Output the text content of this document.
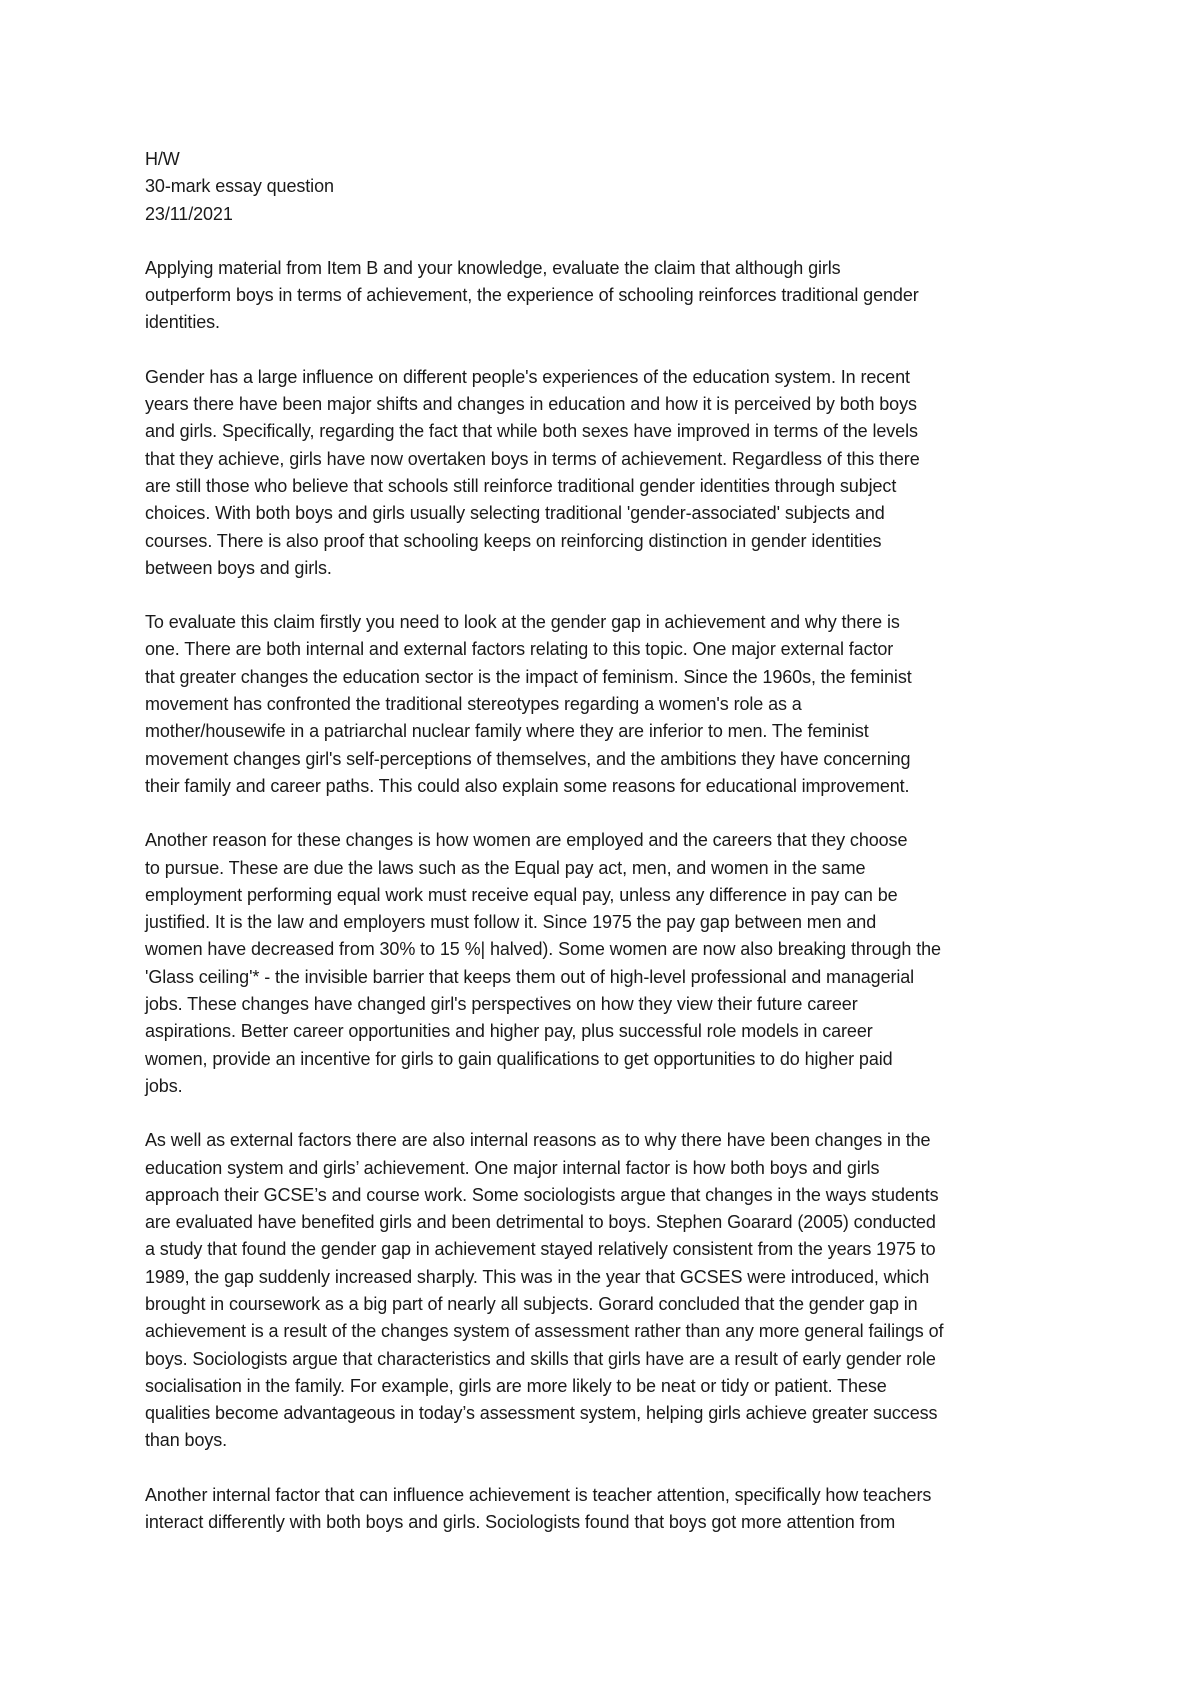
H/W
30-mark essay question
23/11/2021
Applying material from Item B and your knowledge, evaluate the claim that although girls
outperform boys in terms of achievement, the experience of schooling reinforces traditional gender
identities.
Gender has a large influence on different people's experiences of the education system. In recent
years there have been major shifts and changes in education and how it is perceived by both boys
and girls. Specifically, regarding the fact that while both sexes have improved in terms of the levels
that they achieve, girls have now overtaken boys in terms of achievement. Regardless of this there
are still those who believe that schools still reinforce traditional gender identities through subject
choices. With both boys and girls usually selecting traditional 'gender-associated' subjects and
courses. There is also proof that schooling keeps on reinforcing distinction in gender identities
between boys and girls.
To evaluate this claim firstly you need to look at the gender gap in achievement and why there is
one. There are both internal and external factors relating to this topic. One major external factor
that greater changes the education sector is the impact of feminism. Since the 1960s, the feminist
movement has confronted the traditional stereotypes regarding a women's role as a
mother/housewife in a patriarchal nuclear family where they are inferior to men. The feminist
movement changes girl's self-perceptions of themselves, and the ambitions they have concerning
their family and career paths. This could also explain some reasons for educational improvement.
Another reason for these changes is how women are employed and the careers that they choose
to pursue. These are due the laws such as the Equal pay act, men, and women in the same
employment performing equal work must receive equal pay, unless any difference in pay can be
justified. It is the law and employers must follow it. Since 1975 the pay gap between men and
women have decreased from 30% to 15 %| halved). Some women are now also breaking through the
'Glass ceiling'* - the invisible barrier that keeps them out of high-level professional and managerial
jobs. These changes have changed girl's perspectives on how they view their future career
aspirations. Better career opportunities and higher pay, plus successful role models in career
women, provide an incentive for girls to gain qualifications to get opportunities to do higher paid
jobs.
As well as external factors there are also internal reasons as to why there have been changes in the
education system and girls’ achievement. One major internal factor is how both boys and girls
approach their GCSE’s and course work. Some sociologists argue that changes in the ways students
are evaluated have benefited girls and been detrimental to boys. Stephen Goarard (2005) conducted
a study that found the gender gap in achievement stayed relatively consistent from the years 1975 to
1989, the gap suddenly increased sharply. This was in the year that GCSES were introduced, which
brought in coursework as a big part of nearly all subjects. Gorard concluded that the gender gap in
achievement is a result of the changes system of assessment rather than any more general failings of
boys. Sociologists argue that characteristics and skills that girls have are a result of early gender role
socialisation in the family. For example, girls are more likely to be neat or tidy or patient. These
qualities become advantageous in today’s assessment system, helping girls achieve greater success
than boys.
Another internal factor that can influence achievement is teacher attention, specifically how teachers
interact differently with both boys and girls. Sociologists found that boys got more attention from
